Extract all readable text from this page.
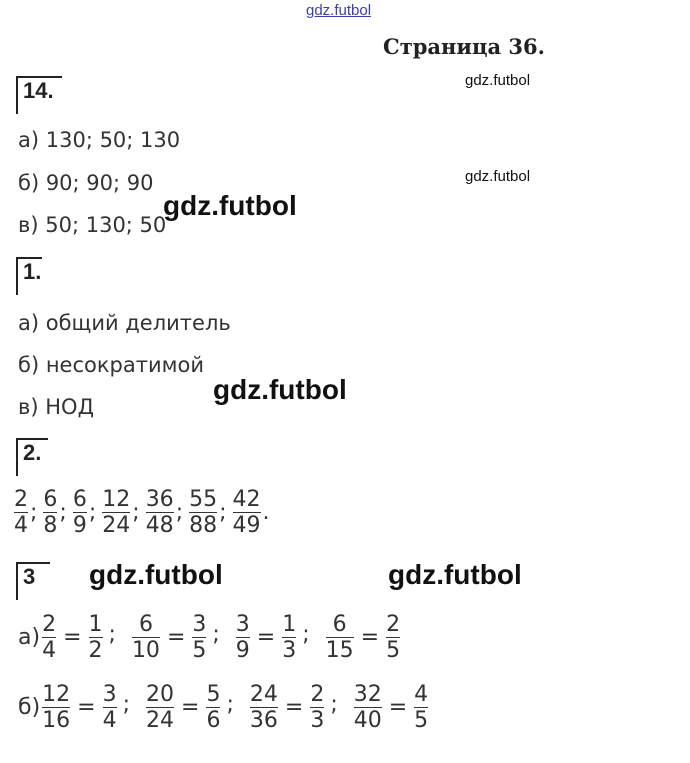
gdz.futbol
gdz.futbol
gdz.futbol
gdz.futbol
gdz.futbol
gdz.futbol	gdz.futbol
Страница 36.
14.
а) 130; 50; 130
б) 90; 90; 90
в) 50; 130; 50
1.
а) общий делитель
б) несократимой
в) НОД
2.
$\frac{2}{4}$ ; $\frac{6}{8}$ ; $\frac{6}{9}$ ; $\frac{12}{24}$ ; $\frac{36}{48}$ ; $\frac{55}{88}$ ; $\frac{42}{49}$ .
3
$а) \frac{2}{4} = \frac{1}{2}$ ; $\frac{6}{10} = \frac{3}{5}$ ; $\frac{3}{9} = \frac{1}{3}$ ; $\frac{6}{15} = \frac{2}{5}$
$б) \frac{12}{16} = \frac{3}{4}$ ; $\frac{20}{24} = \frac{5}{6}$ ; $\frac{24}{36} = \frac{2}{3}$ ; $\frac{32}{40} = \frac{4}{5}$
